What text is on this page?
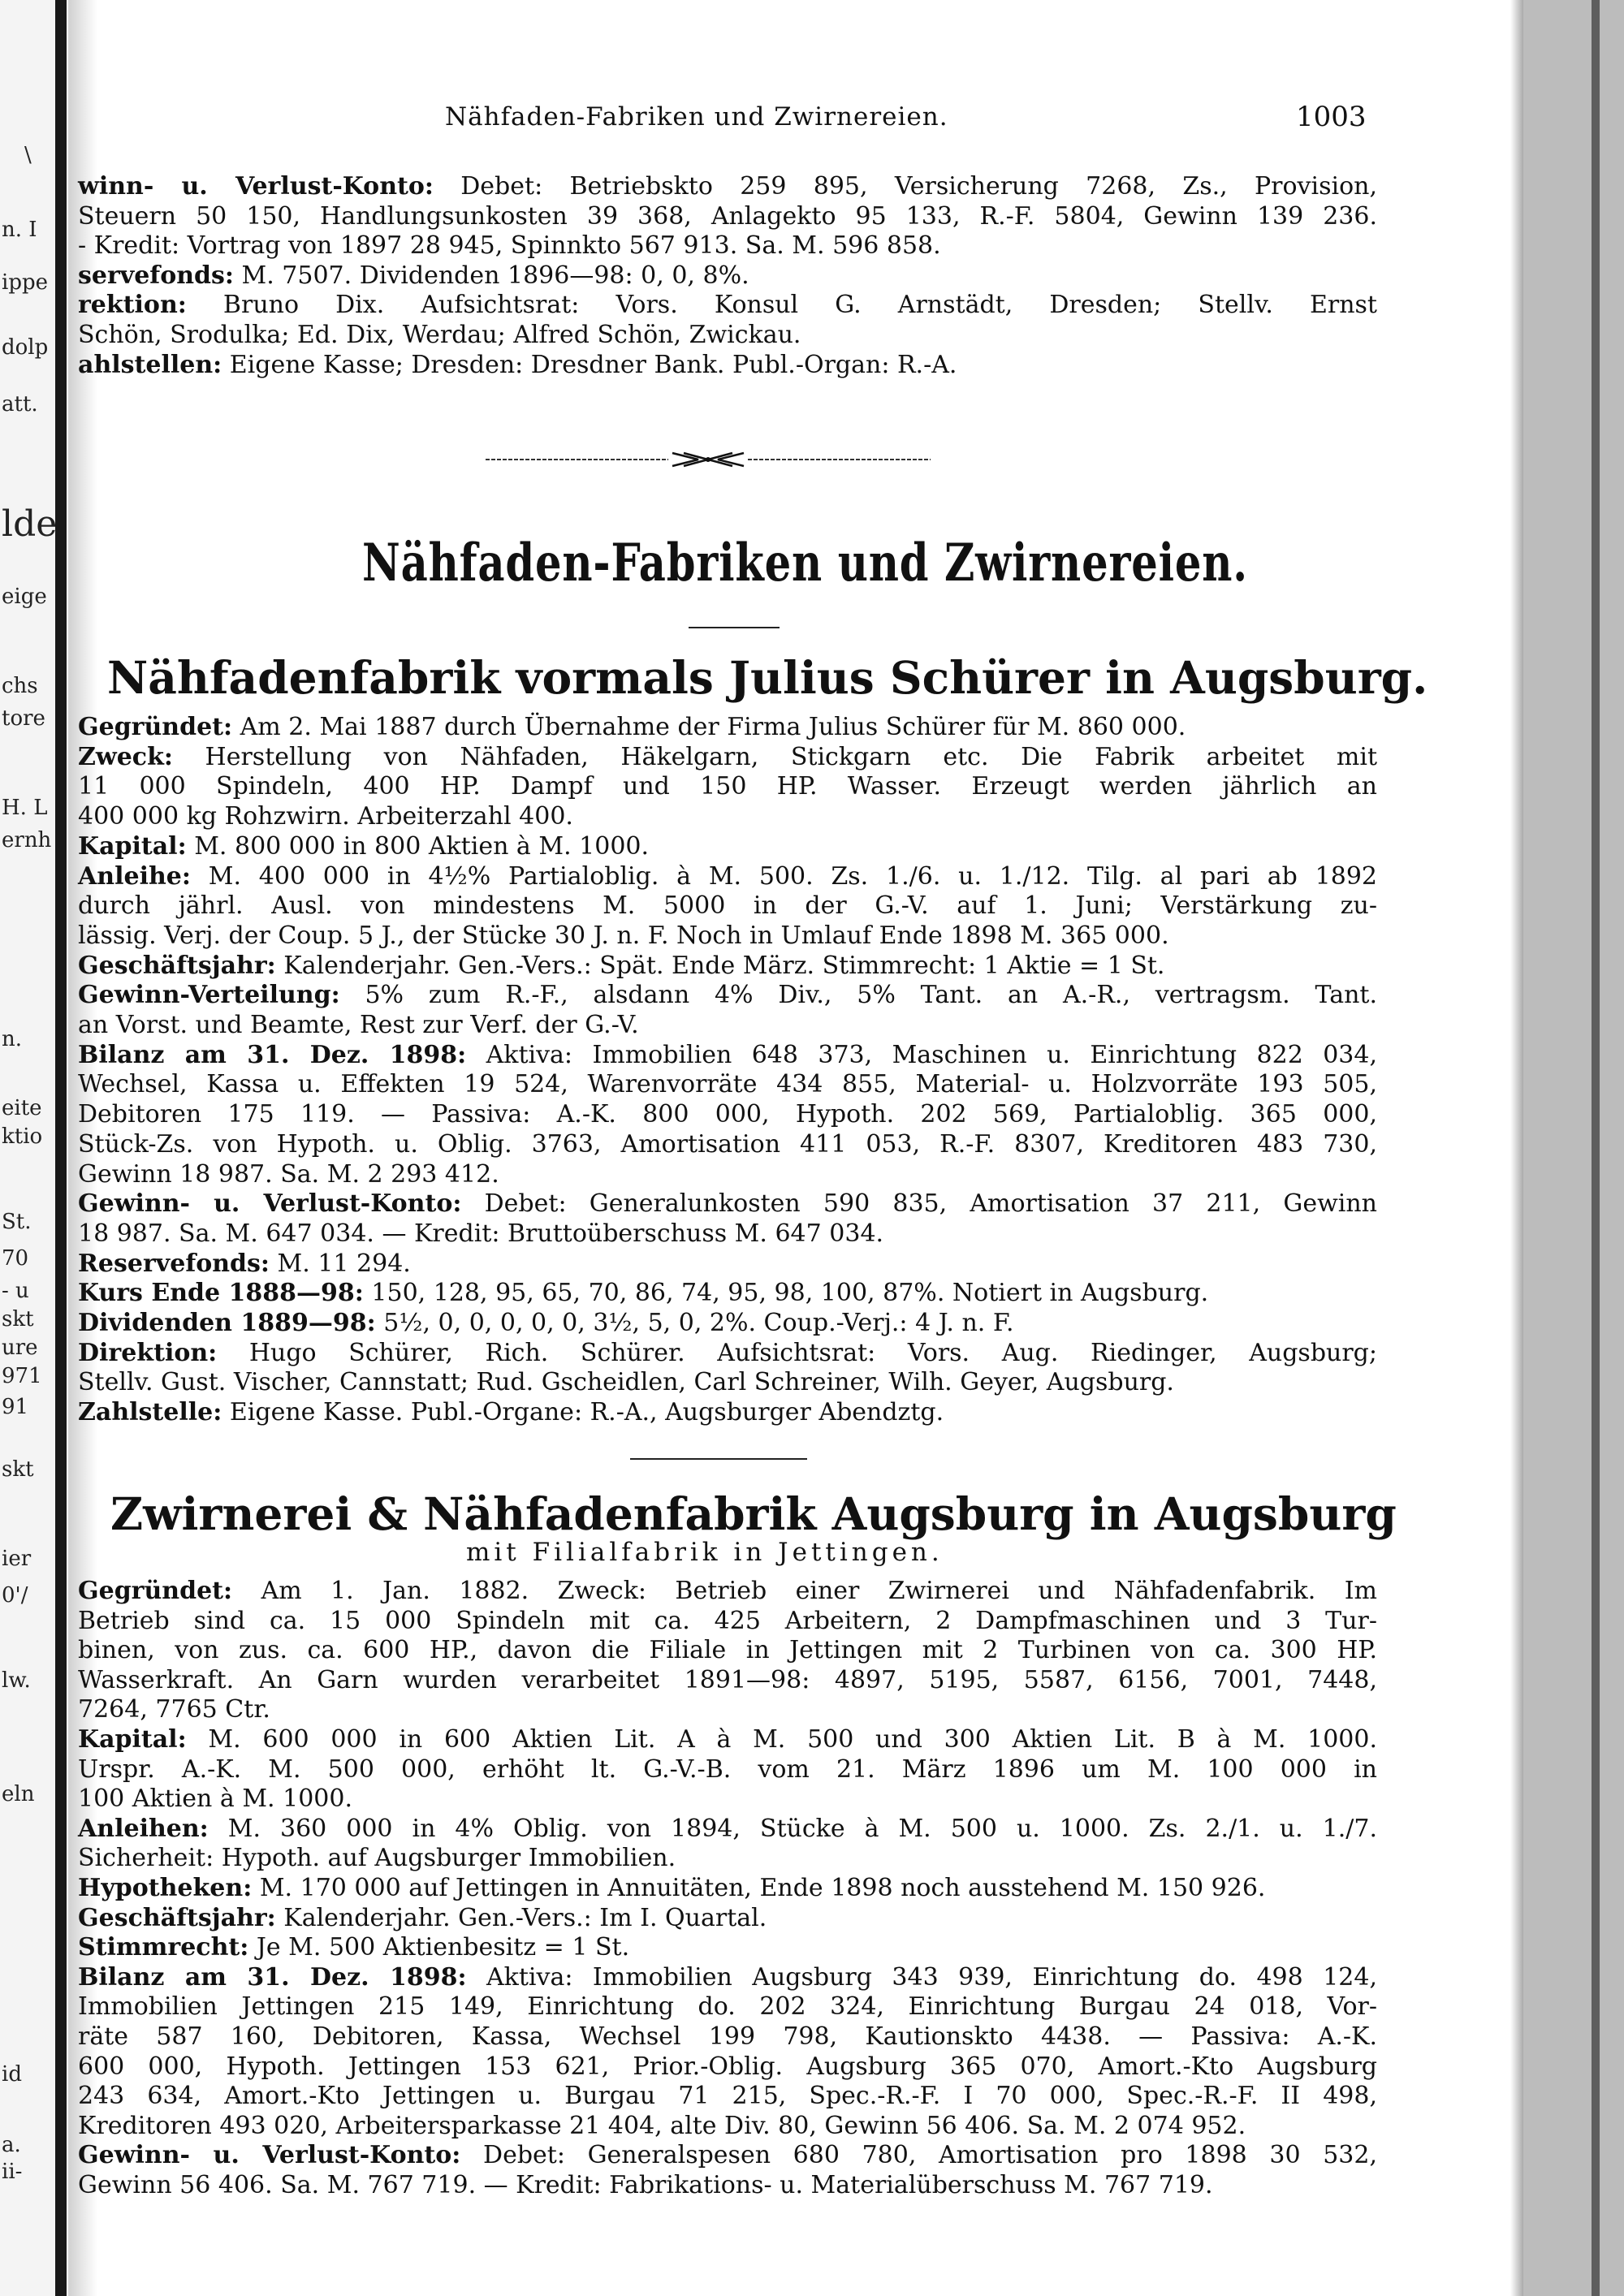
\
n. I
ippe
dolp
att.
lde
eige
chs
tore
H. L
ernh
n.
eite
ktio
St.
70
- u
skt
ure
971
91
skt
ier
0'/
lw.
eln
id
a.
ii-
Nähfaden-Fabriken und Zwirnereien.	1003
winn- u. Verlust-Konto: Debet: Betriebskto 259 895, Versicherung 7268, Zs., Provision,
Steuern 50 150, Handlungsunkosten 39 368, Anlagekto 95 133, R.-F. 5804, Gewinn 139 236.
- Kredit: Vortrag von 1897 28 945, Spinnkto 567 913. Sa. M. 596 858.
servefonds: M. 7507. Dividenden 1896—98: 0, 0, 8%.
rektion: Bruno Dix. Aufsichtsrat: Vors. Konsul G. Arnstädt, Dresden; Stellv. Ernst
Schön, Srodulka; Ed. Dix, Werdau; Alfred Schön, Zwickau.
ahlstellen: Eigene Kasse; Dresden: Dresdner Bank. Publ.-Organ: R.-A.
Nähfaden-Fabriken und Zwirnereien.
Nähfadenfabrik vormals Julius Schürer in Augsburg.
Gegründet: Am 2. Mai 1887 durch Übernahme der Firma Julius Schürer für M. 860 000.
Zweck: Herstellung von Nähfaden, Häkelgarn, Stickgarn etc. Die Fabrik arbeitet mit
11 000 Spindeln, 400 HP. Dampf und 150 HP. Wasser. Erzeugt werden jährlich an
400 000 kg Rohzwirn. Arbeiterzahl 400.
Kapital: M. 800 000 in 800 Aktien à M. 1000.
Anleihe: M. 400 000 in 4½% Partialoblig. à M. 500. Zs. 1./6. u. 1./12. Tilg. al pari ab 1892
durch jährl. Ausl. von mindestens M. 5000 in der G.-V. auf 1. Juni; Verstärkung zu-
lässig. Verj. der Coup. 5 J., der Stücke 30 J. n. F. Noch in Umlauf Ende 1898 M. 365 000.
Geschäftsjahr: Kalenderjahr. Gen.-Vers.: Spät. Ende März. Stimmrecht: 1 Aktie = 1 St.
Gewinn-Verteilung: 5% zum R.-F., alsdann 4% Div., 5% Tant. an A.-R., vertragsm. Tant.
an Vorst. und Beamte, Rest zur Verf. der G.-V.
Bilanz am 31. Dez. 1898: Aktiva: Immobilien 648 373, Maschinen u. Einrichtung 822 034,
Wechsel, Kassa u. Effekten 19 524, Warenvorräte 434 855, Material- u. Holzvorräte 193 505,
Debitoren 175 119. — Passiva: A.-K. 800 000, Hypoth. 202 569, Partialoblig. 365 000,
Stück-Zs. von Hypoth. u. Oblig. 3763, Amortisation 411 053, R.-F. 8307, Kreditoren 483 730,
Gewinn 18 987. Sa. M. 2 293 412.
Gewinn- u. Verlust-Konto: Debet: Generalunkosten 590 835, Amortisation 37 211, Gewinn
18 987. Sa. M. 647 034. — Kredit: Bruttoüberschuss M. 647 034.
Reservefonds: M. 11 294.
Kurs Ende 1888—98: 150, 128, 95, 65, 70, 86, 74, 95, 98, 100, 87%. Notiert in Augsburg.
Dividenden 1889—98: 5½, 0, 0, 0, 0, 0, 3½, 5, 0, 2%. Coup.-Verj.: 4 J. n. F.
Direktion: Hugo Schürer, Rich. Schürer. Aufsichtsrat: Vors. Aug. Riedinger, Augsburg;
Stellv. Gust. Vischer, Cannstatt; Rud. Gscheidlen, Carl Schreiner, Wilh. Geyer, Augsburg.
Zahlstelle: Eigene Kasse. Publ.-Organe: R.-A., Augsburger Abendztg.
Zwirnerei & Nähfadenfabrik Augsburg in Augsburg
mit Filialfabrik in Jettingen.
Gegründet: Am 1. Jan. 1882. Zweck: Betrieb einer Zwirnerei und Nähfadenfabrik. Im
Betrieb sind ca. 15 000 Spindeln mit ca. 425 Arbeitern, 2 Dampfmaschinen und 3 Tur-
binen, von zus. ca. 600 HP., davon die Filiale in Jettingen mit 2 Turbinen von ca. 300 HP.
Wasserkraft. An Garn wurden verarbeitet 1891—98: 4897, 5195, 5587, 6156, 7001, 7448,
7264, 7765 Ctr.
Kapital: M. 600 000 in 600 Aktien Lit. A à M. 500 und 300 Aktien Lit. B à M. 1000.
Urspr. A.-K. M. 500 000, erhöht lt. G.-V.-B. vom 21. März 1896 um M. 100 000 in
100 Aktien à M. 1000.
Anleihen: M. 360 000 in 4% Oblig. von 1894, Stücke à M. 500 u. 1000. Zs. 2./1. u. 1./7.
Sicherheit: Hypoth. auf Augsburger Immobilien.
Hypotheken: M. 170 000 auf Jettingen in Annuitäten, Ende 1898 noch ausstehend M. 150 926.
Geschäftsjahr: Kalenderjahr. Gen.-Vers.: Im I. Quartal.
Stimmrecht: Je M. 500 Aktienbesitz = 1 St.
Bilanz am 31. Dez. 1898: Aktiva: Immobilien Augsburg 343 939, Einrichtung do. 498 124,
Immobilien Jettingen 215 149, Einrichtung do. 202 324, Einrichtung Burgau 24 018, Vor-
räte 587 160, Debitoren, Kassa, Wechsel 199 798, Kautionskto 4438. — Passiva: A.-K.
600 000, Hypoth. Jettingen 153 621, Prior.-Oblig. Augsburg 365 070, Amort.-Kto Augsburg
243 634, Amort.-Kto Jettingen u. Burgau 71 215, Spec.-R.-F. I 70 000, Spec.-R.-F. II 498,
Kreditoren 493 020, Arbeitersparkasse 21 404, alte Div. 80, Gewinn 56 406. Sa. M. 2 074 952.
Gewinn- u. Verlust-Konto: Debet: Generalspesen 680 780, Amortisation pro 1898 30 532,
Gewinn 56 406. Sa. M. 767 719. — Kredit: Fabrikations- u. Materialüberschuss M. 767 719.
